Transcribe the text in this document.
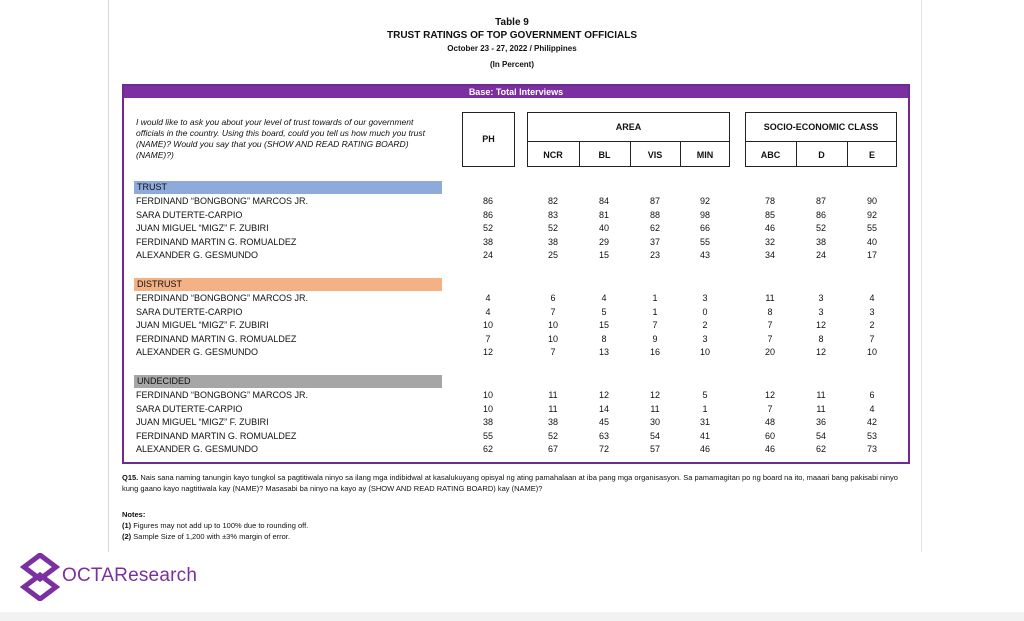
Table 9
TRUST RATINGS OF TOP GOVERNMENT OFFICIALS
October 23 - 27, 2022 / Philippines
(In Percent)
Base: Total Interviews
I would like to ask you about your level of trust towards of our government officials in the country. Using this board, could you tell us how much you trust (NAME)? Would you say that you (SHOW AND READ RATING BOARD) (NAME)?)
PH
AREA
NCR	BL	VIS	MIN
SOCIO-ECONOMIC CLASS
ABC	D	E
TRUST
FERDINAND “BONGBONG” MARCOS JR.	86	82	84	87	92	78	87	90
SARA DUTERTE-CARPIO	86	83	81	88	98	85	86	92
JUAN MIGUEL “MIGZ” F. ZUBIRI	52	52	40	62	66	46	52	55
FERDINAND MARTIN G. ROMUALDEZ	38	38	29	37	55	32	38	40
ALEXANDER G. GESMUNDO	24	25	15	23	43	34	24	17
DISTRUST
FERDINAND “BONGBONG” MARCOS JR.	4	6	4	1	3	11	3	4
SARA DUTERTE-CARPIO	4	7	5	1	0	8	3	3
JUAN MIGUEL “MIGZ” F. ZUBIRI	10	10	15	7	2	7	12	2
FERDINAND MARTIN G. ROMUALDEZ	7	10	8	9	3	7	8	7
ALEXANDER G. GESMUNDO	12	7	13	16	10	20	12	10
UNDECIDED
FERDINAND “BONGBONG” MARCOS JR.	10	11	12	12	5	12	11	6
SARA DUTERTE-CARPIO	10	11	14	11	1	7	11	4
JUAN MIGUEL “MIGZ” F. ZUBIRI	38	38	45	30	31	48	36	42
FERDINAND MARTIN G. ROMUALDEZ	55	52	63	54	41	60	54	53
ALEXANDER G. GESMUNDO	62	67	72	57	46	46	62	73
Q15. Nais sana naming tanungin kayo tungkol sa pagtitiwala ninyo sa ilang mga indibidwal at kasalukuyang opisyal ng ating pamahalaan at iba pang mga organisasyon. Sa pamamagitan po ng board na ito, maaari bang pakisabi ninyo kung gaano kayo nagtitiwala kay (NAME)? Masasabi ba ninyo na kayo ay (SHOW AND READ RATING BOARD) kay (NAME)?
Notes:
(1) Figures may not add up to 100% due to rounding off.
(2) Sample Size of 1,200 with ±3% margin of error.
OCTAResearch
